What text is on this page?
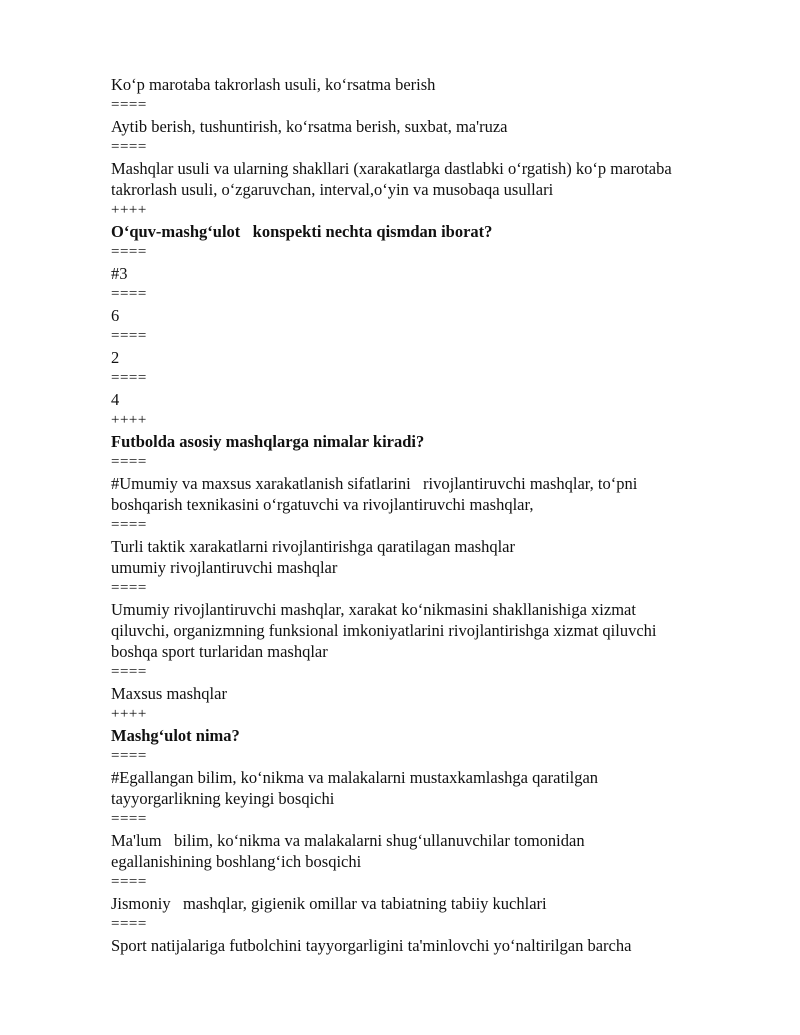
Ko‘p marotaba takrorlash usuli, ko‘rsatma berish
====
Aytib berish, tushuntirish, ko‘rsatma berish, suxbat, ma'ruza
====
Mashqlar usuli va ularning shakllari (xarakatlarga dastlabki o‘rgatish) ko‘p marotaba
takrorlash usuli, o‘zgaruvchan, interval,o‘yin va musobaqa usullari
++++
O‘quv-mashg‘ulot   konspekti nechta qismdan iborat?
====
#3
====
6
====
2
====
4
++++
Futbolda asosiy mashqlarga nimalar kiradi?
====
#Umumiy va maxsus xarakatlanish sifatlarini   rivojlantiruvchi mashqlar, to‘pni
boshqarish texnikasini o‘rgatuvchi va rivojlantiruvchi mashqlar,
====
Turli taktik xarakatlarni rivojlantirishga qaratilagan mashqlar
umumiy rivojlantiruvchi mashqlar
====
Umumiy rivojlantiruvchi mashqlar, xarakat ko‘nikmasini shakllanishiga xizmat
qiluvchi, organizmning funksional imkoniyatlarini rivojlantirishga xizmat qiluvchi
boshqa sport turlaridan mashqlar
====
Maxsus mashqlar
++++
Mashg‘ulot nima?
====
#Egallangan bilim, ko‘nikma va malakalarni mustaxkamlashga qaratilgan
tayyorgarlikning keyingi bosqichi
====
Ma'lum   bilim, ko‘nikma va malakalarni shug‘ullanuvchilar tomonidan
egallanishining boshlang‘ich bosqichi
====
Jismoniy   mashqlar, gigienik omillar va tabiatning tabiiy kuchlari
====
Sport natijalariga futbolchini tayyorgarligini ta'minlovchi yo‘naltirilgan barcha
